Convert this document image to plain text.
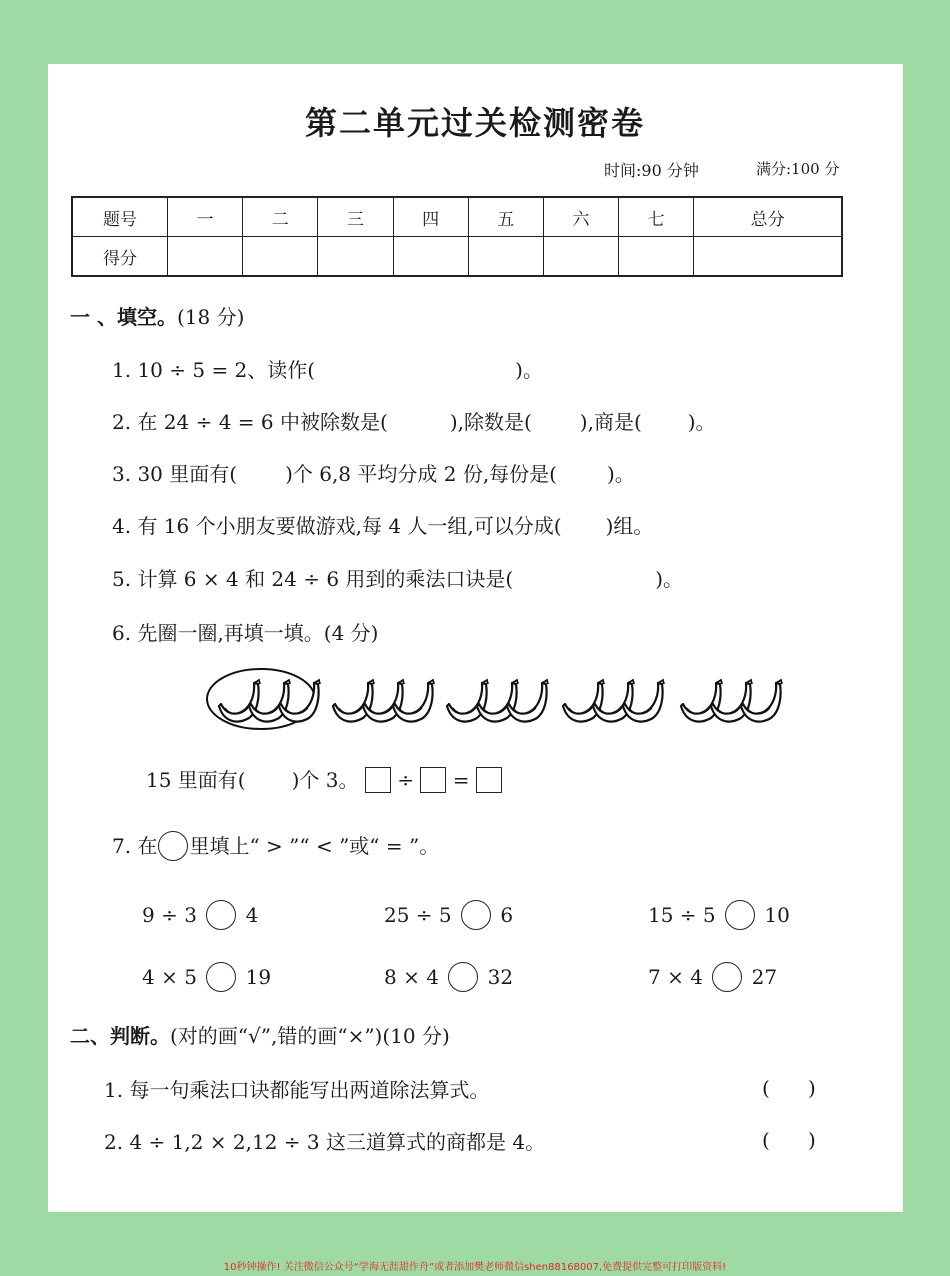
第二单元过关检测密卷
时间:90 分钟	满分:100 分
题号	一	二	三	四	五	六	七	总分
得分								
一 、填空。(18 分)
1. 10 ÷ 5 = 2、读作(	)。
2. 在 24 ÷ 4 = 6 中被除数是(	),除数是( ),商是( )。
3. 30 里面有( )个 6,8 平均分成 2 份,每份是(	)。
4. 有 16 个小朋友要做游戏,每 4 人一组,可以分成( )组。
5. 计算 6 × 4 和 24 ÷ 6 用到的乘法口诀是(	)。
6. 先圈一圈,再填一填。(4 分)
15 里面有( )个 3。 ÷ =
7. 在 里填上“ > ”“ < ”或“ = ”。
9 ÷ 3 4	25 ÷ 5 6	15 ÷ 5 10
4 × 5 19	8 × 4 32	7 × 4 27
二、判断。(对的画“√”,错的画“×”)(10 分)
1. 每一句乘法口诀都能写出两道除法算式。	(      )
2. 4 ÷ 1,2 × 2,12 ÷ 3 这三道算式的商都是 4。	(      )
10秒钟操作! 关注微信公众号“学海无涯甜作舟”或者添加樊老师微信shen88168007,免费提供完整可打印版资料!
